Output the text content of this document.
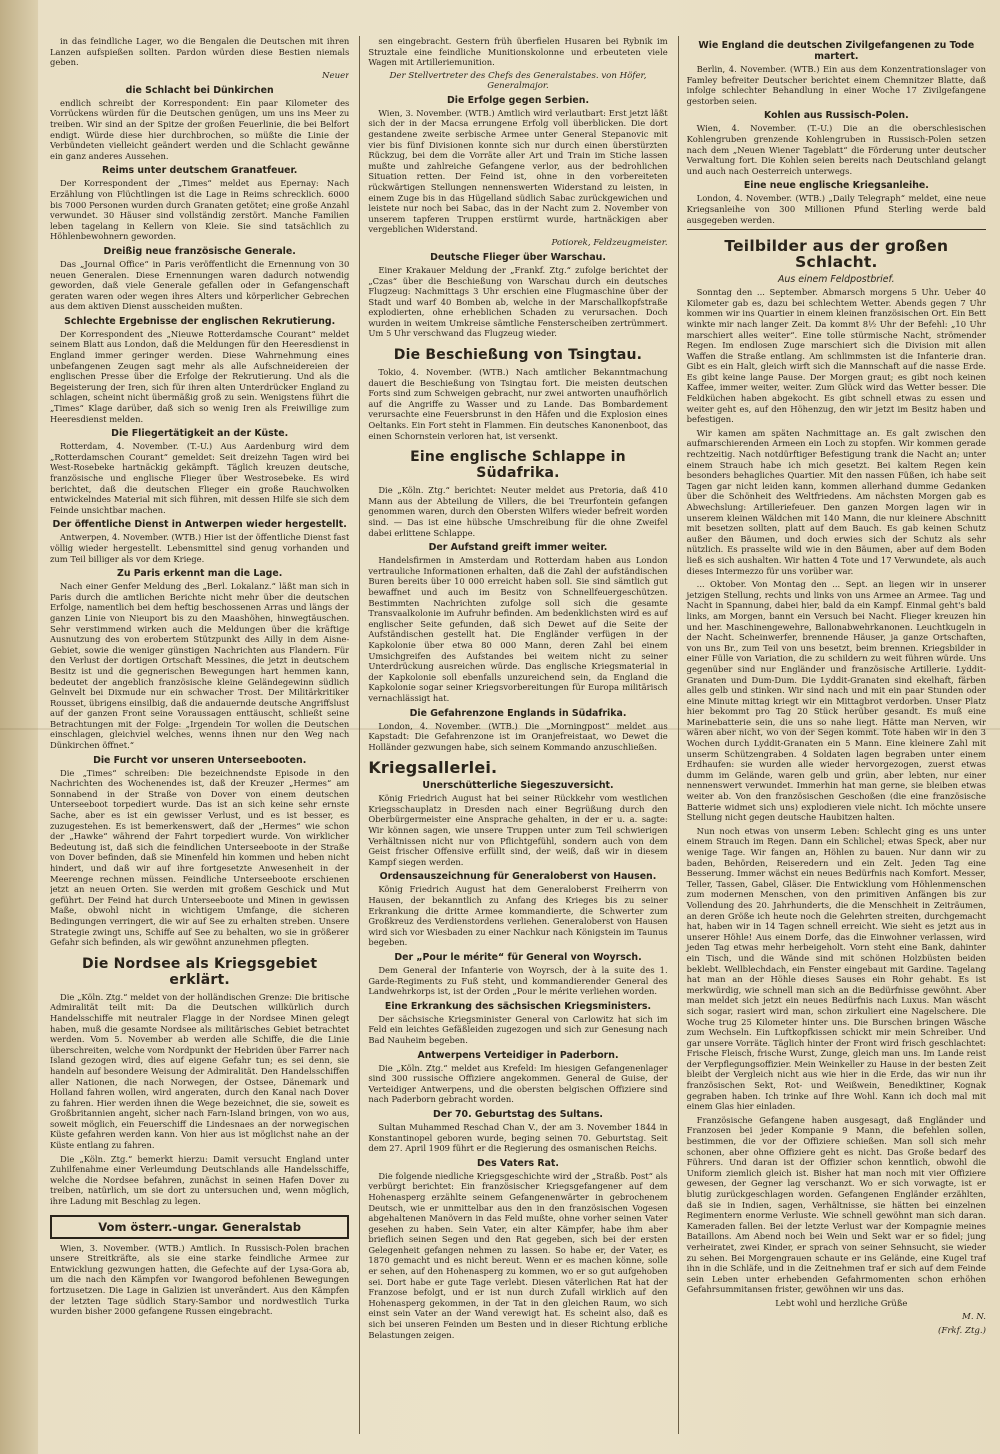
in das feindliche Lager, wo die Bengalen die Deutschen mit ihren Lanzen aufspießen sollten. Pardon würden diese Bestien niemals geben.

Neuer
die Schlacht bei Dünkirchen

endlich schreibt der Korrespondent: Ein paar Kilometer des Vorrückens würden für die Deutschen genügen, um uns ins Meer zu treiben. Wir sind an der Spitze der großen Feuerlinie, die bei Belfort endigt. Würde diese hier durchbrochen, so müßte die Linie der Verbündeten vielleicht geändert werden und die Schlacht gewänne ein ganz anderes Aussehen.

Reims unter deutschem Granatfeuer.

Der Korrespondent der „Times“ meldet aus Epernay: Nach Erzählung von Flüchtlingen ist die Lage in Reims schrecklich. 6000 bis 7000 Personen wurden durch Granaten getötet; eine große Anzahl verwundet. 30 Häuser sind vollständig zerstört. Manche Familien leben tagelang in Kellern von Kleie. Sie sind tatsächlich zu Höhlenbewohnern geworden.

Dreißig neue französische Generale.

Das „Journal Office“ in Paris veröffentlicht die Ernennung von 30 neuen Generalen. Diese Ernennungen waren dadurch notwendig geworden, daß viele Generale gefallen oder in Gefangenschaft geraten waren oder wegen ihres Alters und körperlicher Gebrechen aus dem aktiven Dienst ausscheiden mußten.

Schlechte Ergebnisse der englischen Rekrutierung.

Der Korrespondent des „Nieuwe Rotterdamsche Courant“ meldet seinem Blatt aus London, daß die Meldungen für den Heeresdienst in England immer geringer werden. Diese Wahrnehmung eines unbefangenen Zeugen sagt mehr als alle Aufschneidereien der englischen Presse über die Erfolge der Rekrutierung. Und als die Begeisterung der Iren, sich für ihren alten Unterdrücker England zu schlagen, scheint nicht übermäßig groß zu sein. Wenigstens führt die „Times“ Klage darüber, daß sich so wenig Iren als Freiwillige zum Heeresdienst melden.

Die Fliegertätigkeit an der Küste.

Rotterdam, 4. November. (T.-U.) Aus Aardenburg wird dem „Rotterdamschen Courant“ gemeldet: Seit dreizehn Tagen wird bei West-Rosebeke hartnäckig gekämpft. Täglich kreuzen deutsche, französische und englische Flieger über Westrosebeke. Es wird berichtet, daß die deutschen Flieger ein große Rauchwolken entwickelndes Material mit sich führen, mit dessen Hilfe sie sich dem Feinde unsichtbar machen.

Der öffentliche Dienst in Antwerpen wieder hergestellt.

Antwerpen, 4. November. (WTB.) Hier ist der öffentliche Dienst fast völlig wieder hergestellt. Lebensmittel sind genug vorhanden und zum Teil billiger als vor dem Kriege.

Zu Paris erkennt man die Lage.

Nach einer Genfer Meldung des „Berl. Lokalanz.“ läßt man sich in Paris durch die amtlichen Berichte nicht mehr über die deutschen Erfolge, namentlich bei dem heftig beschossenen Arras und längs der ganzen Linie von Nieuport bis zu den Maashöhen, hinwegtäuschen. Sehr verstimmend wirken auch die Meldungen über die kräftige Ausnutzung des von erobertem Stützpunkt des Ailly in dem Aisne-Gebiet, sowie die weniger günstigen Nachrichten aus Flandern. Für den Verlust der dortigen Ortschaft Messines, die jetzt in deutschem Besitz ist und die gegnerischen Bewegungen hart hemmen kann, bedeutet der angeblich französische kleine Geländegewinn südlich Gelnvelt bei Dixmude nur ein schwacher Trost. Der Militärkritiker Rousset, übrigens einsilbig, daß die andauernde deutsche Angriffslust auf der ganzen Front seine Voraussagen enttäuscht, schließt seine Betrachtungen mit der Folge: „Irgendein Tor wollen die Deutschen einschlagen, gleichviel welches, wenns ihnen nur den Weg nach Dünkirchen öffnet.“

Die Furcht vor unseren Unterseebooten.

Die „Times“ schreiben: Die bezeichnendste Episode in den Nachrichten des Wochenendes ist, daß der Kreuzer „Hermes“ am Sonnabend in der Straße von Dover von einem deutschen Unterseeboot torpediert wurde. Das ist an sich keine sehr ernste Sache, aber es ist ein gewisser Verlust, und es ist besser, es zuzugestehen. Es ist bemerkenswert, daß der „Hermes“ wie schon der „Hawke“ während der Fahrt torpediert wurde. Von wirklicher Bedeutung ist, daß sich die feindlichen Unterseeboote in der Straße von Dover befinden, daß sie Minenfeld hin kommen und heben nicht hindert, und daß wir auf ihre fortgesetzte Anwesenheit in der Meerenge rechnen müssen. Feindliche Unterseeboote erschienen jetzt an neuen Orten. Sie werden mit großem Geschick und Mut geführt. Der Feind hat durch Unterseeboote und Minen in gewissen Maße, obwohl nicht in wichtigem Umfange, die sicheren Bedingungen verringert, die wir auf See zu erhalten streben. Unsere Strategie zwingt uns, Schiffe auf See zu behalten, wo sie in größerer Gefahr sich befinden, als wir gewöhnt anzunehmen pflegten.

Die Nordsee als Kriegsgebiet erklärt.

Die „Köln. Ztg.“ meldet von der holländischen Grenze: Die britische Admiralität teilt mit: Da die Deutschen willkürlich durch Handelsschiffe mit neutraler Flagge in der Nordsee Minen gelegt haben, muß die gesamte Nordsee als militärisches Gebiet betrachtet werden. Vom 5. November ab werden alle Schiffe, die die Linie überschreiten, welche vom Nordpunkt der Hebriden über Farrer nach Island gezogen wird, dies auf eigene Gefahr tun; es sei denn, sie handeln auf besondere Weisung der Admiralität. Den Handelsschiffen aller Nationen, die nach Norwegen, der Ostsee, Dänemark und Holland fahren wollen, wird angeraten, durch den Kanal nach Dover zu fahren. Hier werden ihnen die Wege bezeichnet, die sie, soweit es Großbritannien angeht, sicher nach Farn-Island bringen, von wo aus, soweit möglich, ein Feuerschiff die Lindesnaes an der norwegischen Küste gefahren werden kann. Von hier aus ist möglichst nahe an der Küste entlang zu fahren.

Die „Köln. Ztg.“ bemerkt hierzu: Damit versucht England unter Zuhilfenahme einer Verleumdung Deutschlands alle Handelsschiffe, welche die Nordsee befahren, zunächst in seinen Hafen Dover zu treiben, natürlich, um sie dort zu untersuchen und, wenn möglich, ihre Ladung mit Beschlag zu legen.

Vom österr.-ungar. Generalstab

Wien, 3. November. (WTB.) Amtlich. In Russisch-Polen brachen unsere Streitkräfte, als sie eine starke feindliche Armee zur Entwicklung gezwungen hatten, die Gefechte auf der Lysa-Gora ab, um die nach den Kämpfen vor Iwangorod befohlenen Bewegungen fortzusetzen. Die Lage in Galizien ist unverändert. Aus den Kämpfen der letzten Tage südlich Stary-Sambor und nordwestlich Turka wurden bisher 2000 gefangene Russen eingebracht.

sen eingebracht. Gestern früh überfielen Husaren bei Rybnik im Struztale eine feindliche Munitionskolonne und erbeuteten viele Wagen mit Artilleriemunition.

Der Stellvertreter des Chefs des Generalstabes. von Höfer, Generalmajor.
Die Erfolge gegen Serbien.

Wien, 3. November. (WTB.) Amtlich wird verlautbart: Erst jetzt läßt sich der in der Macsa errungene Erfolg voll überblicken. Die dort gestandene zweite serbische Armee unter General Stepanovic mit vier bis fünf Divisionen konnte sich nur durch einen überstürzten Rückzug, bei dem die Vorräte aller Art und Train im Stiche lassen mußte und zahlreiche Gefangene verlor, aus der bedrohlichen Situation retten. Der Feind ist, ohne in den vorbereiteten rückwärtigen Stellungen nennenswerten Widerstand zu leisten, in einem Zuge bis in das Hügelland südlich Sabac zurückgewichen und leistete nur noch bei Sabac, das in der Nacht zum 2. November von unserem tapferen Truppen erstürmt wurde, hartnäckigen aber vergeblichen Widerstand.

Potiorek, Feldzeugmeister.
Deutsche Flieger über Warschau.

Einer Krakauer Meldung der „Frankf. Ztg.“ zufolge berichtet der „Czas“ über die Beschießung von Warschau durch ein deutsches Flugzeug: Nachmittags 3 Uhr erschien eine Flugmaschine über der Stadt und warf 40 Bomben ab, welche in der Marschallkopfstraße explodierten, ohne erheblichen Schaden zu verursachen. Doch wurden in weitem Umkreise sämtliche Fensterscheiben zertrümmert. Um 5 Uhr verschwand das Flugzeug wieder.

Die Beschießung von Tsingtau.

Tokio, 4. November. (WTB.) Nach amtlicher Bekanntmachung dauert die Beschießung von Tsingtau fort. Die meisten deutschen Forts sind zum Schweigen gebracht, nur zwei antworten unaufhörlich auf die Angriffe zu Wasser und zu Lande. Das Bombardement verursachte eine Feuersbrunst in den Häfen und die Explosion eines Oeltanks. Ein Fort steht in Flammen. Ein deutsches Kanonenboot, das einen Schornstein verloren hat, ist versenkt.

Eine englische Schlappe in Südafrika.

Die „Köln. Ztg.“ berichtet: Neuter meldet aus Pretoria, daß 410 Mann aus der Abteilung de Villers, die bei Treurfontein gefangen genommen waren, durch den Obersten Wilfers wieder befreit worden sind. — Das ist eine hübsche Umschreibung für die ohne Zweifel dabei erlittene Schlappe.

Der Aufstand greift immer weiter.

Handelsfirmen in Amsterdam und Rotterdam haben aus London vertrauliche Informationen erhalten, daß die Zahl der aufständischen Buren bereits über 10 000 erreicht haben soll. Sie sind sämtlich gut bewaffnet und auch im Besitz von Schnellfeuergeschützen. Bestimmten Nachrichten zufolge soll sich die gesamte Transvaalkolonie im Aufruhr befinden. Am bedenklichsten wird es auf englischer Seite gefunden, daß sich Dewet auf die Seite der Aufständischen gestellt hat. Die Engländer verfügen in der Kapkolonie über etwa 80 000 Mann, deren Zahl bei einem Umsichgreifen des Aufstandes bei weitem nicht zu seiner Unterdrückung ausreichen würde. Das englische Kriegsmaterial in der Kapkolonie soll ebenfalls unzureichend sein, da England die Kapkolonie sogar seiner Kriegsvorbereitungen für Europa militärisch vernachlässigt hat.

Die Gefahrenzone Englands in Südafrika.

London, 4. November. (WTB.) Die „Morningpost“ meldet aus Kapstadt: Die Gefahrenzone ist im Oranjefreistaat, wo Dewet die Holländer gezwungen habe, sich seinem Kommando anzuschließen.

Kriegsallerlei.
Unerschütterliche Siegeszuversicht.

König Friedrich August hat bei seiner Rückkehr vom westlichen Kriegsschauplatz in Dresden nach einer Begrüßung durch den Oberbürgermeister eine Ansprache gehalten, in der er u. a. sagte: Wir können sagen, wie unsere Truppen unter zum Teil schwierigen Verhältnissen nicht nur von Pflichtgefühl, sondern auch von dem Geist frischer Offensive erfüllt sind, der weiß, daß wir in diesem Kampf siegen werden.

Ordensauszeichnung für Generaloberst von Hausen.

König Friedrich August hat dem Generaloberst Freiherrn von Hausen, der bekanntlich zu Anfang des Krieges bis zu seiner Erkrankung die dritte Armee kommandierte, die Schwerter zum Großkreuz des Verdienstordens verliehen. Generaloberst von Hausen wird sich vor Wiesbaden zu einer Nachkur nach Königstein im Taunus begeben.

Der „Pour le mérite“ für General von Woyrsch.

Dem General der Infanterie von Woyrsch, der à la suite des 1. Garde-Regiments zu Fuß steht, und kommandierender General des Landwehrkorps ist, ist der Orden „Pour le mérite verliehen worden.

Eine Erkrankung des sächsischen Kriegsministers.

Der sächsische Kriegsminister General von Carlowitz hat sich im Feld ein leichtes Gefäßleiden zugezogen und sich zur Genesung nach Bad Nauheim begeben.

Antwerpens Verteidiger in Paderborn.

Die „Köln. Ztg.“ meldet aus Krefeld: Im hiesigen Gefangenenlager sind 300 russische Offiziere angekommen. General de Guise, der Verteidiger Antwerpens, und die obersten belgischen Offiziere sind nach Paderborn gebracht worden.

Der 70. Geburtstag des Sultans.

Sultan Muhammed Reschad Chan V., der am 3. November 1844 in Konstantinopel geboren wurde, beging seinen 70. Geburtstag. Seit dem 27. April 1909 führt er die Regierung des osmanischen Reichs.

Des Vaters Rat.

Die folgende niedliche Kriegsgeschichte wird der „Straßb. Post“ als verbürgt berichtet: Ein französischer Kriegsgefangener auf dem Hohenasperg erzählte seinem Gefangenenwärter in gebrochenem Deutsch, wie er unmittelbar aus den in den französischen Vogesen abgehaltenen Manövern in das Feld mußte, ohne vorher seinen Vater gesehen zu haben. Sein Vater, ein alter Kämpfer, habe ihm aber brieflich seinen Segen und den Rat gegeben, sich bei der ersten Gelegenheit gefangen nehmen zu lassen. So habe er, der Vater, es 1870 gemacht und es nicht bereut. Wenn er es machen könne, solle er sehen, auf den Hohenasperg zu kommen, wo er so gut aufgehoben sei. Dort habe er gute Tage verlebt. Diesen väterlichen Rat hat der Franzose befolgt, und er ist nun durch Zufall wirklich auf den Hohenasperg gekommen, in der Tat in den gleichen Raum, wo sich einst sein Vater an der Wand verewigt hat. Es scheint also, daß es sich bei unseren Feinden um Besten und in dieser Richtung erbliche Belastungen zeigen.

Wie England die deutschen Zivilgefangenen zu Tode martert.

Berlin, 4. November. (WTB.) Ein aus dem Konzentrationslager von Famley befreiter Deutscher berichtet einem Chemnitzer Blatte, daß infolge schlechter Behandlung in einer Woche 17 Zivilgefangene gestorben seien.

Kohlen aus Russisch-Polen.

Wien, 4. November. (T.-U.) Die an die oberschlesischen Kohlengruben grenzende Kohlengruben in Russisch-Polen setzen nach dem „Neuen Wiener Tageblatt“ die Förderung unter deutscher Verwaltung fort. Die Kohlen seien bereits nach Deutschland gelangt und auch nach Oesterreich unterwegs.

Eine neue englische Kriegsanleihe.

London, 4. November. (WTB.) „Daily Telegraph“ meldet, eine neue Kriegsanleihe von 300 Millionen Pfund Sterling werde bald ausgegeben werden.

Teilbilder aus der großen Schlacht.
Aus einem Feldpostbrief.

Sonntag den ... September. Abmarsch morgens 5 Uhr. Ueber 40 Kilometer gab es, dazu bei schlechtem Wetter. Abends gegen 7 Uhr kommen wir ins Quartier in einem kleinen französischen Ort. Ein Bett winkte mir nach langer Zeit. Da kommt 8½ Uhr der Befehl: „10 Uhr marschiert alles weiter“. Eine tolle stürmische Nacht, strömender Regen. Im endlosen Zuge marschiert sich die Division mit allen Waffen die Straße entlang. Am schlimmsten ist die Infanterie dran. Gibt es ein Halt, gleich wirft sich die Mannschaft auf die nasse Erde. Es gibt keine lange Pause. Der Morgen graut; es gibt noch keinen Kaffee, immer weiter, weiter. Zum Glück wird das Wetter besser. Die Feldküchen haben abgekocht. Es gibt schnell etwas zu essen und weiter geht es, auf den Höhenzug, den wir jetzt im Besitz haben und befestigen.

Wir kamen am späten Nachmittage an. Es galt zwischen den aufmarschierenden Armeen ein Loch zu stopfen. Wir kommen gerade rechtzeitig. Nach notdürftiger Befestigung trank die Nacht an; unter einem Strauch habe ich mich gesetzt. Bei kaltem Regen kein besonders behagliches Quartier. Mit den nassen Füßen, ich habe seit Tagen gar nicht leiden kann, kommen allerhand dumme Gedanken über die Schönheit des Weltfriedens. Am nächsten Morgen gab es Abwechslung: Artilleriefeuer. Den ganzen Morgen lagen wir in unserem kleinen Wäldchen mit 140 Mann, die nur kleinere Abschnitt mit besetzen sollten, platt auf dem Bauch. Es gab keinen Schutz außer den Bäumen, und doch erwies sich der Schutz als sehr nützlich. Es prasselte wild wie in den Bäumen, aber auf dem Boden ließ es sich aushalten. Wir hatten 4 Tote und 17 Verwundete, als auch dieses Intermezzo für uns vorüber war.

... Oktober. Von Montag den ... Sept. an liegen wir in unserer jetzigen Stellung, rechts und links von uns Armee an Armee. Tag und Nacht in Spannung, dabei hier, bald da ein Kampf. Einmal geht's bald links, am Morgen, bannt ein Versuch bei Nacht. Flieger kreuzen hin und her. Maschinengewehre, Ballonabwehrkanonen. Leuchtkugeln in der Nacht. Scheinwerfer, brennende Häuser, ja ganze Ortschaften, von uns Br., zum Teil von uns besetzt, beim brennen. Kriegsbilder in einer Fülle von Variation, die zu schildern zu weit führen würde. Uns gegenüber sind nur Engländer und französische Artillerie. Lyddit-Granaten und Dum-Dum. Die Lyddit-Granaten sind ekelhaft, färben alles gelb und stinken. Wir sind nach und mit ein paar Stunden oder eine Minute mittag kriegt wir ein Mittagbrot verdorben. Unser Platz hier bekommt pro Tag 20 Stück herüber gesandt. Es muß eine Marinebatterie sein, die uns so nahe liegt. Hätte man Nerven, wir wären aber nicht, wo von der Segen kommt. Tote haben wir in den 3 Wochen durch Lyddit-Granaten ein 5 Mann. Eine kleinere Zahl mit unserm Schützengraben. 4 Soldaten lagen begraben unter einem Erdhaufen: sie wurden alle wieder hervorgezogen, zuerst etwas dumm im Gelände, waren gelb und grün, aber lebten, nur einer nennenswert verwundet. Immerhin hat man gerne, sie bleiben etwas weiter ab. Von den französischen Geschoßen (die eine französische Batterie widmet sich uns) explodieren viele nicht. Ich möchte unsere Stellung nicht gegen deutsche Haubitzen halten.

Nun noch etwas von unserm Leben: Schlecht ging es uns unter einem Strauch im Regen. Dann ein Schlichel; etwas Speck, aber nur wenige Tage. Wir fangen an, Höhlen zu bauen. Nur dann wir zu baden, Behörden, Reiseredern und ein Zelt. Jeden Tag eine Besserung. Immer wächst ein neues Bedürfnis nach Komfort. Messer, Teller, Tassen, Gabel, Gläser. Die Entwicklung vom Höhlenmenschen zum modernen Menschen, von den primitiven Anfängen bis zur Vollendung des 20. Jahrhunderts, die die Menschheit in Zeiträumen, an deren Größe ich heute noch die Gelehrten streiten, durchgemacht hat, haben wir in 14 Tagen schnell erreicht. Wie sieht es jetzt aus in unserer Höhle! Aus einem Dorfe, das die Einwohner verlassen, wird jeden Tag etwas mehr herbeigeholt. Vorn steht eine Bank, dahinter ein Tisch, und die Wände sind mit schönen Holzbüsten beiden beklebt. Wellblechdach, ein Fenster eingebaut mit Gardine. Tagelang hat man an der Höhle dieses Sauses ein Rohr gehabt. Es ist merkwürdig, wie schnell man sich an die Bedürfnisse gewöhnt. Aber man meldet sich jetzt ein neues Bedürfnis nach Luxus. Man wäscht sich sogar, rasiert wird man, schon zirkuliert eine Nagelschere. Die Woche trug 25 Kilometer hinter uns. Die Burschen bringen Wäsche zum Wechseln. Ein Luftkopfkissen schickt mir mein Schreiber. Und gar unsere Vorräte. Täglich hinter der Front wird frisch geschlachtet: Frische Fleisch, frische Wurst, Zunge, gleich man uns. Im Lande reist der Verpflegungsoffizier. Mein Weinkeller zu Hause in der besten Zeit bleibt der Vergleich nicht aus wie hier in die Erde, das wir nun ihr französischen Sekt, Rot- und Weißwein, Benediktiner, Kognak gegraben haben. Ich trinke auf Ihre Wohl. Kann ich doch mal mit einem Glas hier einladen.

Französische Gefangene haben ausgesagt, daß Engländer und Franzosen bei jeder Kompanie 9 Mann, die befehlen sollen, bestimmen, die vor der Offiziere schießen. Man soll sich mehr schonen, aber ohne Offiziere geht es nicht. Das Große bedarf des Führers. Und daran ist der Offizier schon kenntlich, obwohl die Uniform ziemlich gleich ist. Bisher hat man noch mit vier Offiziere gewesen, der Gegner lag verschanzt. Wo er sich vorwagte, ist er blutig zurückgeschlagen worden. Gefangenen Engländer erzählten, daß sie in Indien, sagen, Verhältnisse, sie hätten bei einzelnen Regimentern enorme Verluste. Wie schnell gewöhnt man sich daran. Kameraden fallen. Bei der letzte Verlust war der Kompagnie meines Bataillons. Am Abend noch bei Wein und Sekt war er so fidel; jung verheiratet, zwei Kinder, er sprach von seiner Sehnsucht, sie wieder zu sehen. Bei Morgengrauen schaute er ins Gelände, eine Kugel traf ihn in die Schläfe, und in die Zeitnehmen traf er sich auf dem Feinde sein Leben unter erhebenden Gefahrmomenten schon erhöhen Gefahrsummitansen frister, gewöhnen wir uns das.

Lebt wohl und herzliche Grüße

M. N.
(Frkf. Ztg.)
